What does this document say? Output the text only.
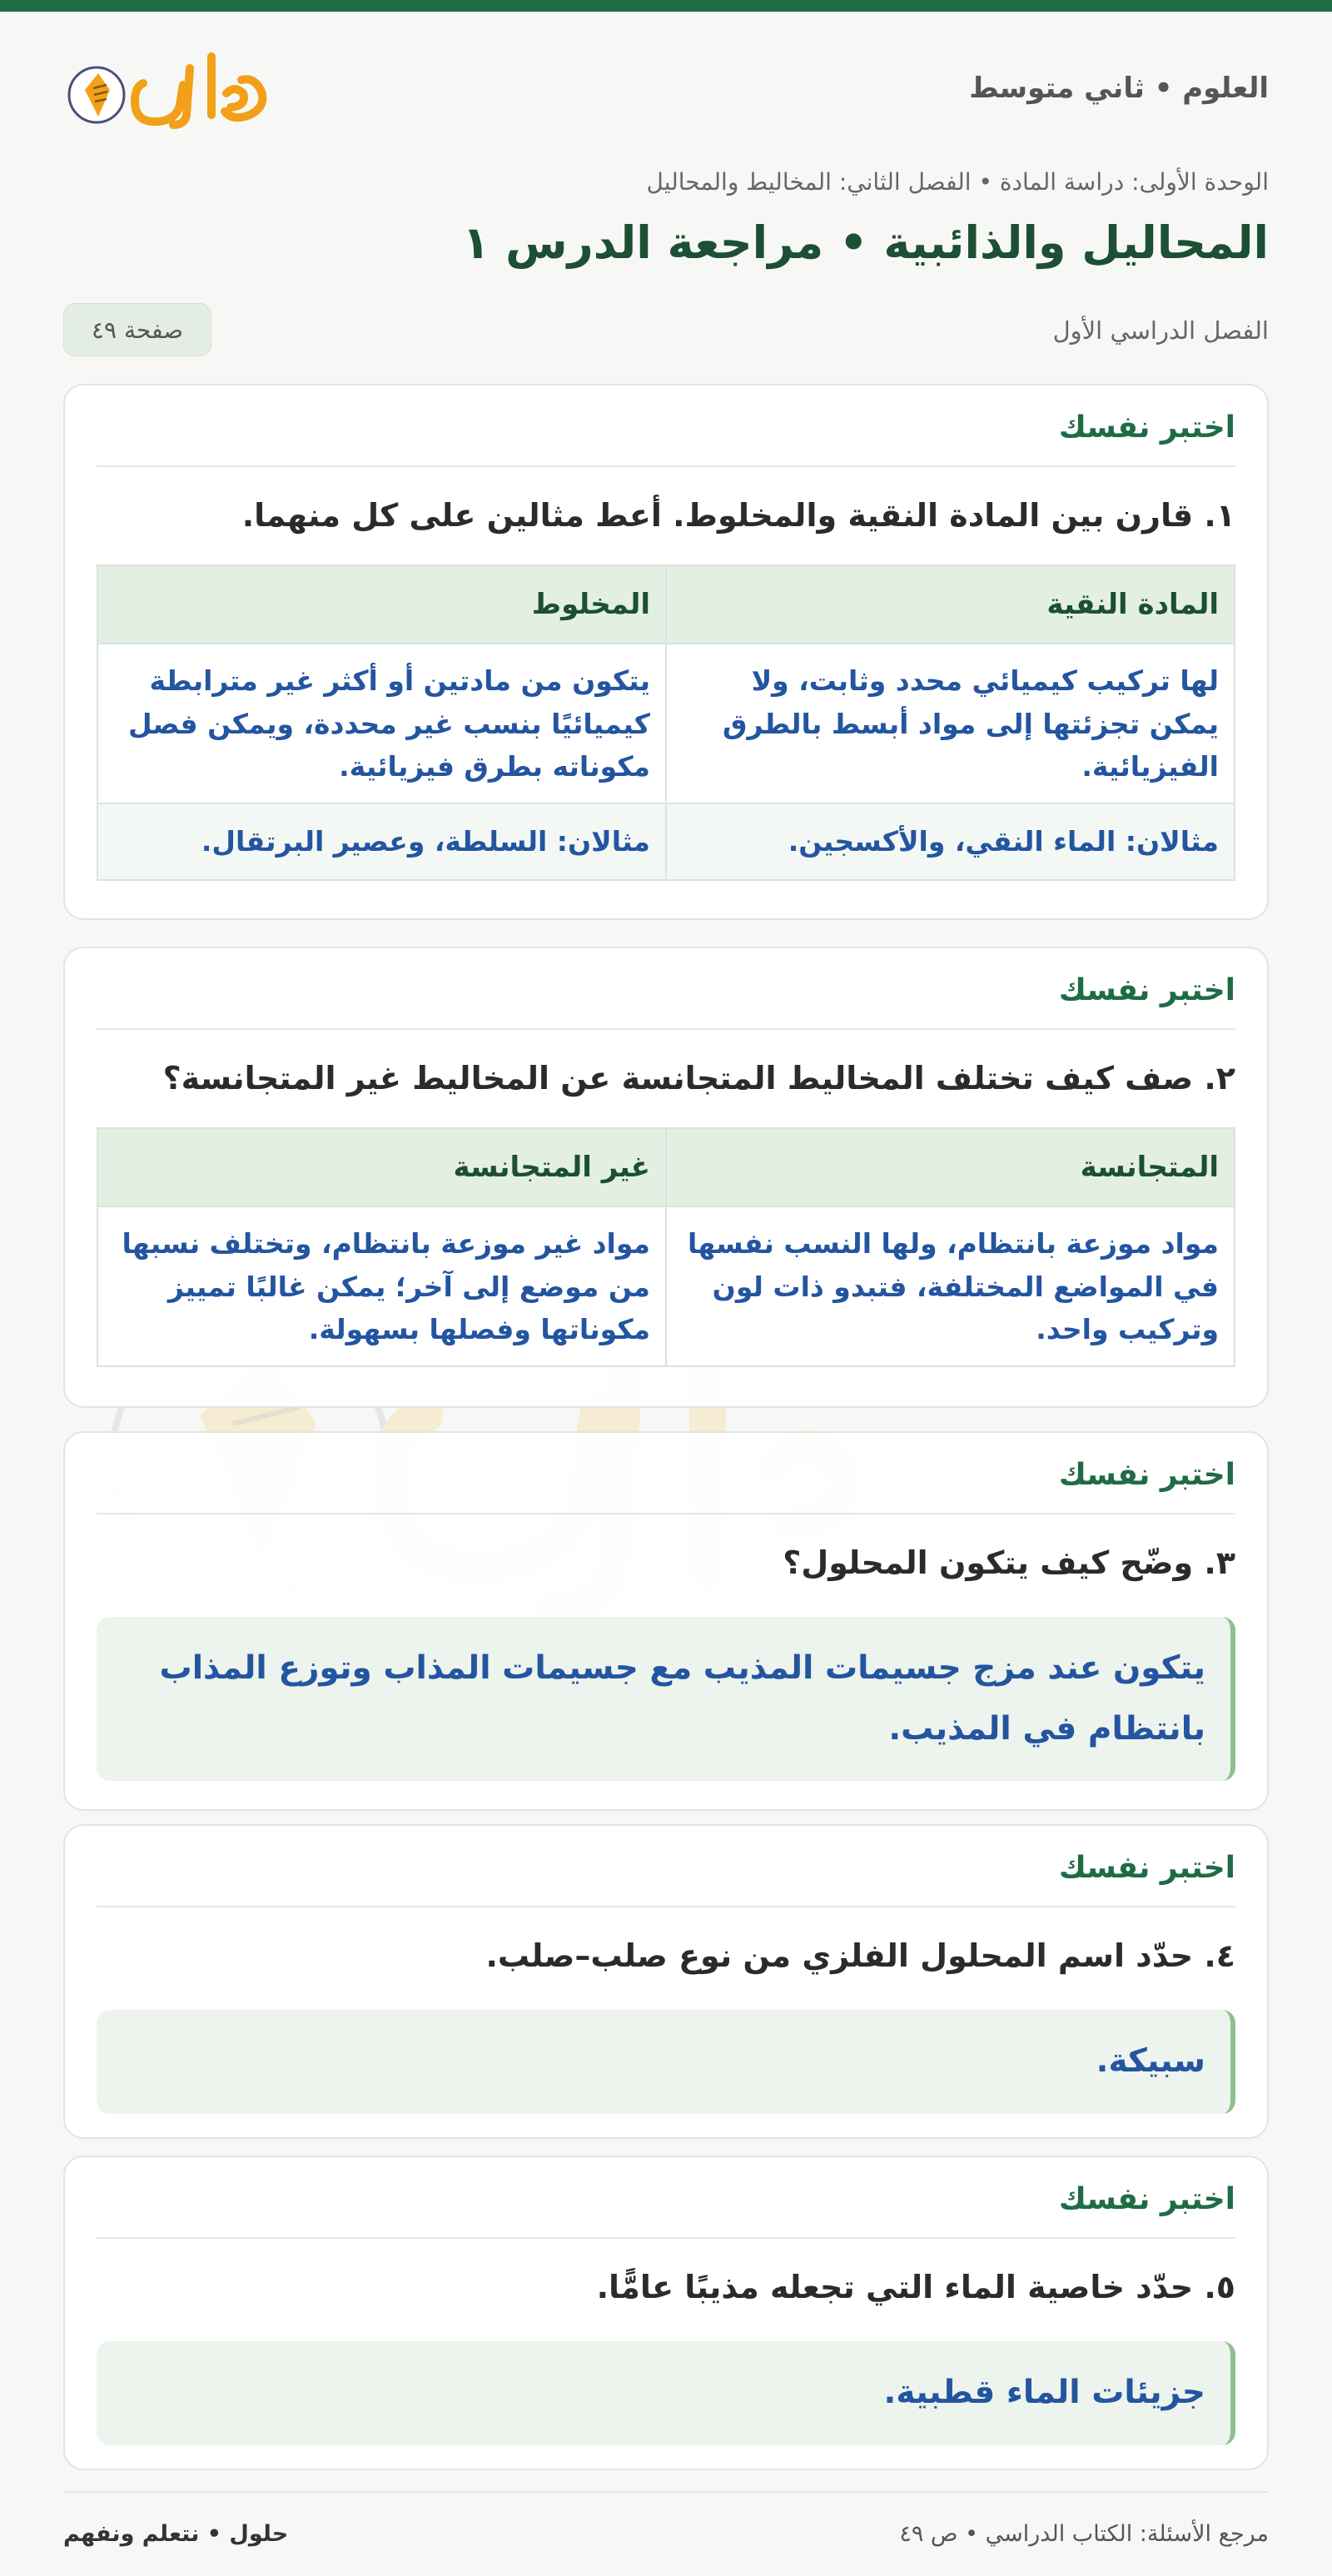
العلوم • ثاني متوسط
الوحدة الأولى: دراسة المادة • الفصل الثاني: المخاليط والمحاليل
المحاليل والذائبية • مراجعة الدرس ١
الفصل الدراسي الأول
صفحة ٤٩
اختبر نفسك
١. قارن بين المادة النقية والمخلوط. أعط مثالين على كل منهما.
المادة النقية	المخلوط
لها تركيب كيميائي محدد وثابت، ولا يمكن تجزئتها إلى مواد أبسط بالطرق الفيزيائية.	يتكون من مادتين أو أكثر غير مترابطة كيميائيًا بنسب غير محددة، ويمكن فصل مكوناته بطرق فيزيائية.
مثالان: الماء النقي، والأكسجين.	مثالان: السلطة، وعصير البرتقال.
اختبر نفسك
٢. صف كيف تختلف المخاليط المتجانسة عن المخاليط غير المتجانسة؟
المتجانسة	غير المتجانسة
مواد موزعة بانتظام، ولها النسب نفسها في المواضع المختلفة، فتبدو ذات لون وتركيب واحد.	مواد غير موزعة بانتظام، وتختلف نسبها من موضع إلى آخر؛ يمكن غالبًا تمييز مكوناتها وفصلها بسهولة.
اختبر نفسك
٣. وضّح كيف يتكون المحلول؟
يتكون عند مزج جسيمات المذيب مع جسيمات المذاب وتوزع المذاب بانتظام في المذيب.
اختبر نفسك
٤. حدّد اسم المحلول الفلزي من نوع صلب–صلب.
سبيكة.
اختبر نفسك
٥. حدّد خاصية الماء التي تجعله مذيبًا عامًّا.
جزيئات الماء قطبية.
مرجع الأسئلة: الكتاب الدراسي • ص ٤٩
حلول • نتعلم ونفهم
